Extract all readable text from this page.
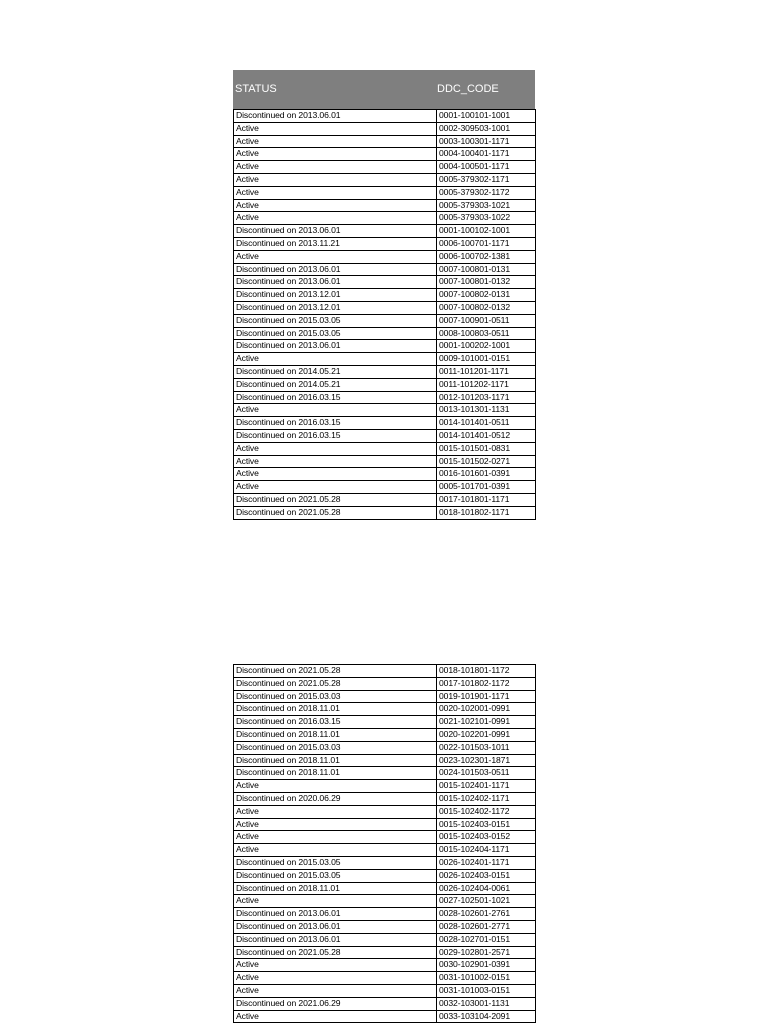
STATUS	DDC_CODE
Discontinued on 2013.06.01	0001-100101-1001
Active	0002-309503-1001
Active	0003-100301-1171
Active	0004-100401-1171
Active	0004-100501-1171
Active	0005-379302-1171
Active	0005-379302-1172
Active	0005-379303-1021
Active	0005-379303-1022
Discontinued on 2013.06.01	0001-100102-1001
Discontinued on 2013.11.21	0006-100701-1171
Active	0006-100702-1381
Discontinued on 2013.06.01	0007-100801-0131
Discontinued on 2013.06.01	0007-100801-0132
Discontinued on 2013.12.01	0007-100802-0131
Discontinued on 2013.12.01	0007-100802-0132
Discontinued on 2015.03.05	0007-100901-0511
Discontinued on 2015.03.05	0008-100803-0511
Discontinued on 2013.06.01	0001-100202-1001
Active	0009-101001-0151
Discontinued on 2014.05.21	0011-101201-1171
Discontinued on 2014.05.21	0011-101202-1171
Discontinued on 2016.03.15	0012-101203-1171
Active	0013-101301-1131
Discontinued on 2016.03.15	0014-101401-0511
Discontinued on 2016.03.15	0014-101401-0512
Active	0015-101501-0831
Active	0015-101502-0271
Active	0016-101601-0391
Active	0005-101701-0391
Discontinued on 2021.05.28	0017-101801-1171
Discontinued on 2021.05.28	0018-101802-1171
Discontinued on 2021.05.28	0018-101801-1172
Discontinued on 2021.05.28	0017-101802-1172
Discontinued on 2015.03.03	0019-101901-1171
Discontinued on 2018.11.01	0020-102001-0991
Discontinued on 2016.03.15	0021-102101-0991
Discontinued on 2018.11.01	0020-102201-0991
Discontinued on 2015.03.03	0022-101503-1011
Discontinued on 2018.11.01	0023-102301-1871
Discontinued on 2018.11.01	0024-101503-0511
Active	0015-102401-1171
Discontinued on 2020.06.29	0015-102402-1171
Active	0015-102402-1172
Active	0015-102403-0151
Active	0015-102403-0152
Active	0015-102404-1171
Discontinued on 2015.03.05	0026-102401-1171
Discontinued on 2015.03.05	0026-102403-0151
Discontinued on 2018.11.01	0026-102404-0061
Active	0027-102501-1021
Discontinued on 2013.06.01	0028-102601-2761
Discontinued on 2013.06.01	0028-102601-2771
Discontinued on 2013.06.01	0028-102701-0151
Discontinued on 2021.05.28	0029-102801-2571
Active	0030-102901-0391
Active	0031-101002-0151
Active	0031-101003-0151
Discontinued on 2021.06.29	0032-103001-1131
Active	0033-103104-2091
